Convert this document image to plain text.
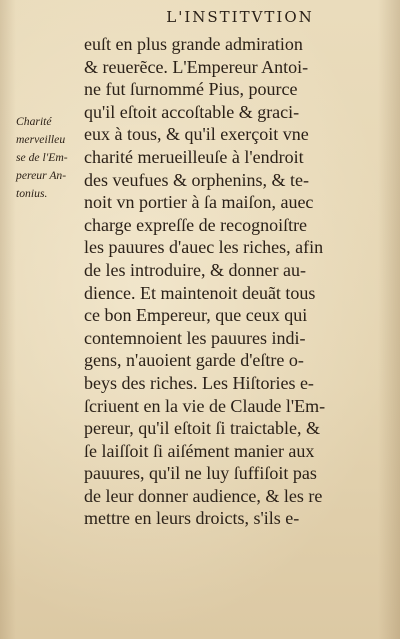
L'INSTITVTION
Charité
merveilleu
se de l'Em-
pereur An-
tonius.
euſt en plus grande admiration
& reuerẽce. L'Empereur Antoi-
ne fut ſurnommé Pius, pource
qu'il eſtoit accoſtable & graci-
eux à tous, & qu'il exerçoit vne
charité merueilleuſe à l'endroit
des veufues & orphenins, & te-
noit vn portier à ſa maiſon, auec
charge expreſſe de recognoiſtre
les pauures d'auec les riches, afin
de les introduire, & donner au-
dience. Et maintenoit deuãt tous
ce bon Empereur, que ceux qui
contemnoient les pauures indi-
gens, n'auoient garde d'eſtre o-
beys des riches. Les Hiſtories e-
ſcriuent en la vie de Claude l'Em-
pereur, qu'il eſtoit ſi traictable, &
ſe laiſſoit ſi aiſément manier aux
pauures, qu'il ne luy ſuffiſoit pas
de leur donner audience, & les re
mettre en leurs droicts, s'ils e-
